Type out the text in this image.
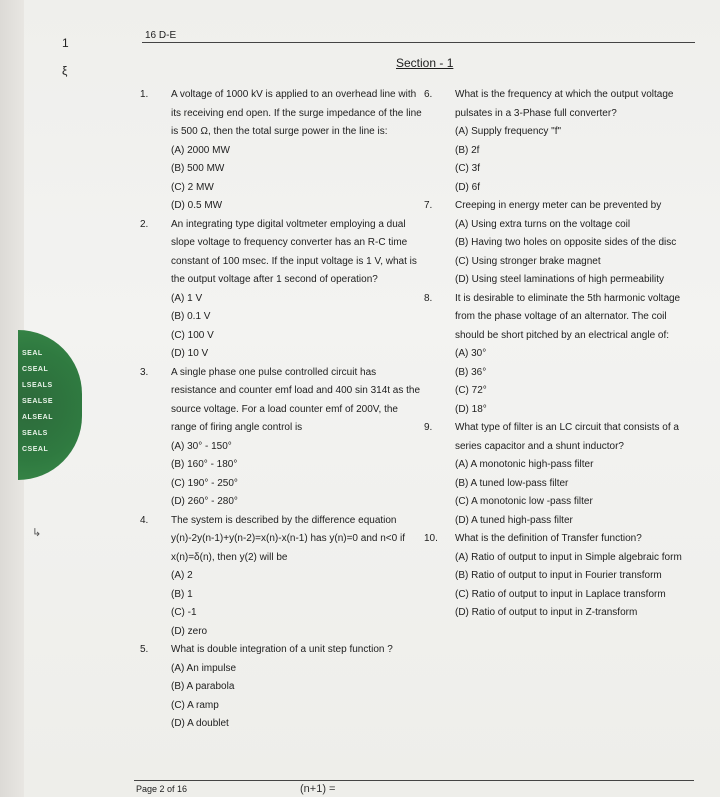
SEAL
CSEAL
LSEALS
SEALSE
ALSEAL
SEALS
CSEAL
1
ξ
↳
16 D-E
Section - 1
1. A voltage of 1000 kV is applied to an overhead line with its receiving end open. If the surge impedance of the line is 500 Ω, then the total surge power in the line is:
(A) 2000 MW
(B) 500 MW
(C) 2 MW
(D) 0.5 MW
2. An integrating type digital voltmeter employing a dual slope voltage to frequency converter has an R-C time constant of 100 msec. If the input voltage is 1 V, what is the output voltage after 1 second of operation?
(A) 1 V
(B) 0.1 V
(C) 100 V
(D) 10 V
3. A single phase one pulse controlled circuit has resistance and counter emf load and 400 sin 314t as the source voltage. For a load counter emf of 200V, the range of firing angle control is
(A) 30° - 150°
(B) 160° - 180°
(C) 190° - 250°
(D) 260° - 280°
4. The system is described by the difference equation y(n)-2y(n-1)+y(n-2)=x(n)-x(n-1) has y(n)=0 and n<0 if x(n)=δ(n), then y(2) will be
(A) 2
(B) 1
(C) -1
(D) zero
5. What is double integration of a unit step function ?
(A) An impulse
(B) A parabola
(C) A ramp
(D) A doublet
6. What is the frequency at which the output voltage pulsates in a 3-Phase full converter?
(A) Supply frequency "f"
(B) 2f
(C) 3f
(D) 6f
7. Creeping in energy meter can be prevented by
(A) Using extra turns on the voltage coil
(B) Having two holes on opposite sides of the disc
(C) Using stronger brake magnet
(D) Using steel laminations of high permeability
8. It is desirable to eliminate the 5th harmonic voltage from the phase voltage of an alternator. The coil should be short pitched by an electrical angle of:
(A) 30°
(B) 36°
(C) 72°
(D) 18°
9. What type of filter is an LC circuit that consists of a series capacitor and a shunt inductor?
(A) A monotonic high-pass filter
(B) A tuned low-pass filter
(C) A monotonic low -pass filter
(D) A tuned high-pass filter
10. What is the definition of Transfer function?
(A) Ratio of output to input in Simple algebraic form
(B) Ratio of output to input in Fourier transform
(C) Ratio of output to input in Laplace transform
(D) Ratio of output to input in Z-transform
Page 2 of 16	(n+1) =
